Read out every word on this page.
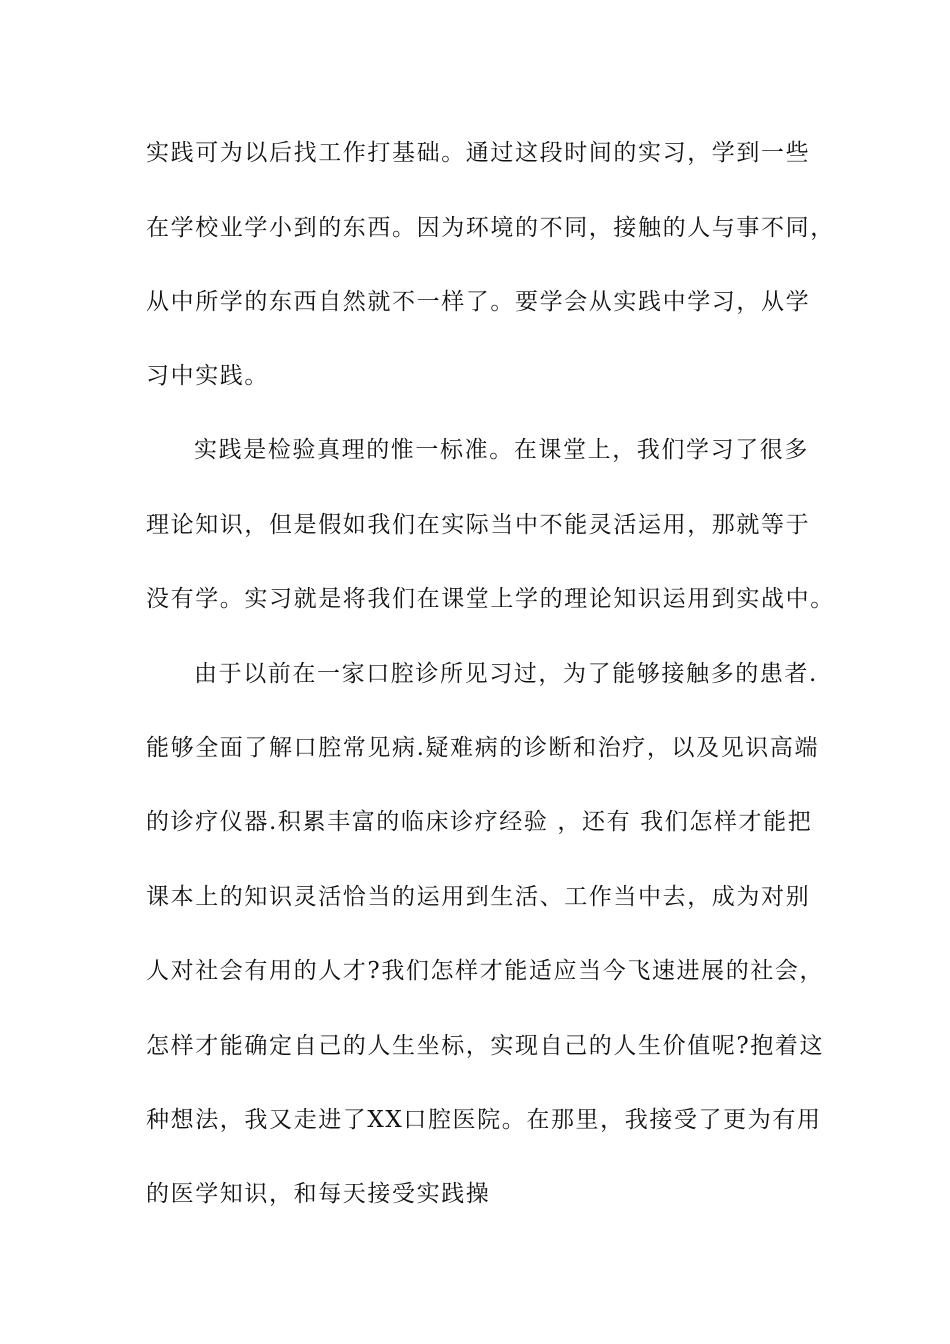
实践可为以后找工作打基础。通过这段时间的实习，学到一些
在学校业学小到的东西。因为环境的不同，接触的人与事不同，
从中所学的东西自然就不一样了。要学会从实践中学习，从学
习中实践。
实践是检验真理的惟一标准。在课堂上，我们学习了很多
理论知识，但是假如我们在实际当中不能灵活运用，那就等于
没有学。实习就是将我们在课堂上学的理论知识运用到实战中。
由于以前在一家口腔诊所见习过，为了能够接触多的患者.
能够全面了解口腔常见病.疑难病的诊断和治疗，以及见识高端
的诊疗仪器.积累丰富的临床诊疗经验 ，还有 我们怎样才能把
课本上的知识灵活恰当的运用到生活、工作当中去，成为对别
人对社会有用的人才?我们怎样才能适应当今飞速进展的社会，
怎样才能确定自己的人生坐标，实现自己的人生价值呢?抱着这
种想法，我又走进了XX口腔医院。在那里，我接受了更为有用
的医学知识，和每天接受实践操
